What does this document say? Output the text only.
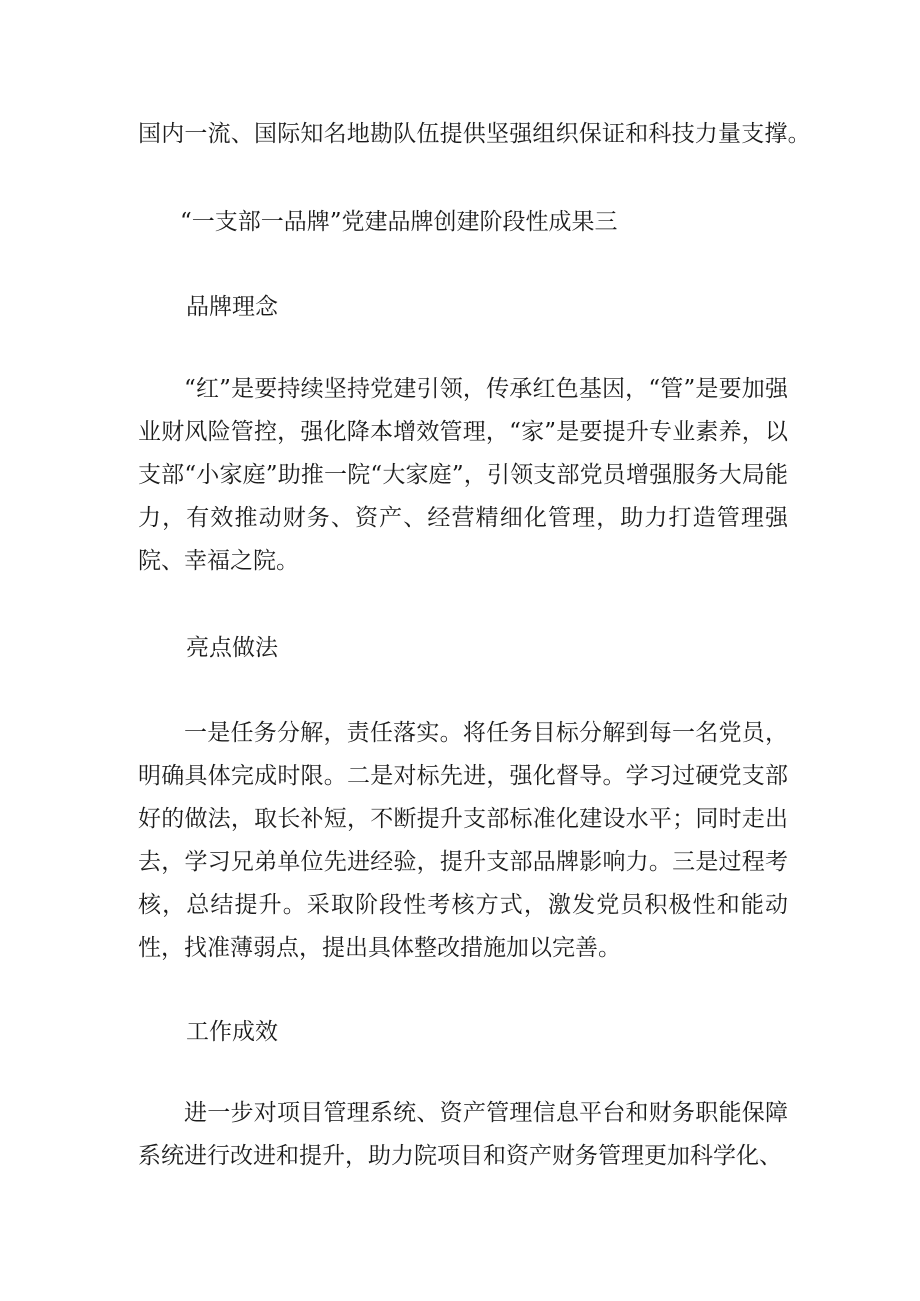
国内一流、国际知名地勘队伍提供坚强组织保证和科技力量支撑。
“一支部一品牌”党建品牌创建阶段性成果三
品牌理念

“红”是要持续坚持党建引领，传承红色基因，“管”是要加强业财风险管控，强化降本增效管理，“家”是要提升专业素养，以支部“小家庭”助推一院“大家庭”，引领支部党员增强服务大局能力，有效推动财务、资产、经营精细化管理，助力打造管理强院、幸福之院。

亮点做法

一是任务分解，责任落实。将任务目标分解到每一名党员，明确具体完成时限。二是对标先进，强化督导。学习过硬党支部好的做法，取长补短，不断提升支部标准化建设水平；同时走出去，学习兄弟单位先进经验，提升支部品牌影响力。三是过程考核，总结提升。采取阶段性考核方式，激发党员积极性和能动性，找准薄弱点，提出具体整改措施加以完善。

工作成效

进一步对项目管理系统、资产管理信息平台和财务职能保障系统进行改进和提升，助力院项目和资产财务管理更加科学化、
